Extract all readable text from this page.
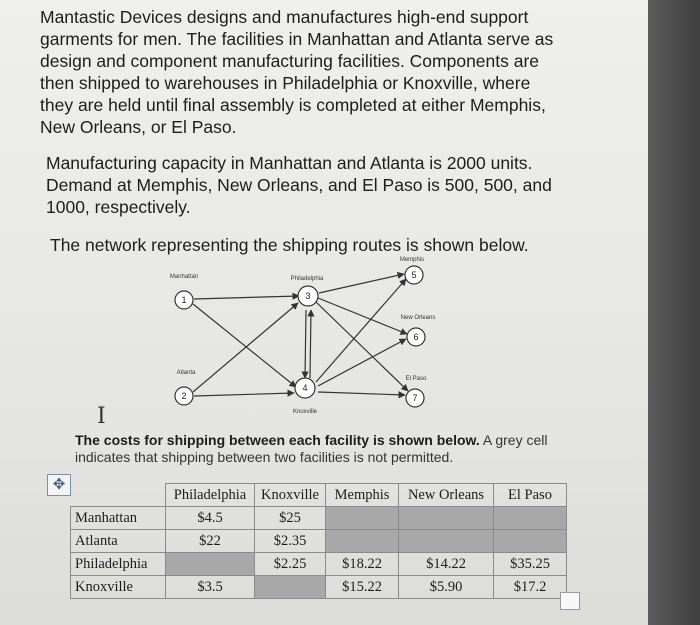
Mantastic Devices designs and manufactures high-end support garments for men. The facilities in Manhattan and Atlanta serve as design and component manufacturing facilities. Components are then shipped to warehouses in Philadelphia or Knoxville, where they are held until final assembly is completed at either Memphis, New Orleans, or El Paso.

Manufacturing capacity in Manhattan and Atlanta is 2000 units. Demand at Memphis, New Orleans, and El Paso is 500, 500, and 1000, respectively.

The network representing the shipping routes is shown below.

1
2
3
4
5
6
7
Manhattan
Atlanta
Philadelphia
Knoxville
Memphis
New Orleans
El Paso
I
The costs for shipping between each facility is shown below. A grey cell indicates that shipping between two facilities is not permitted.
✥
	Philadelphia	Knoxville	Memphis	New Orleans	El Paso
Manhattan	$4.5	$25			
Atlanta	$22	$2.35			
Philadelphia		$2.25	$18.22	$14.22	$35.25
Knoxville	$3.5		$15.22	$5.90	$17.2
